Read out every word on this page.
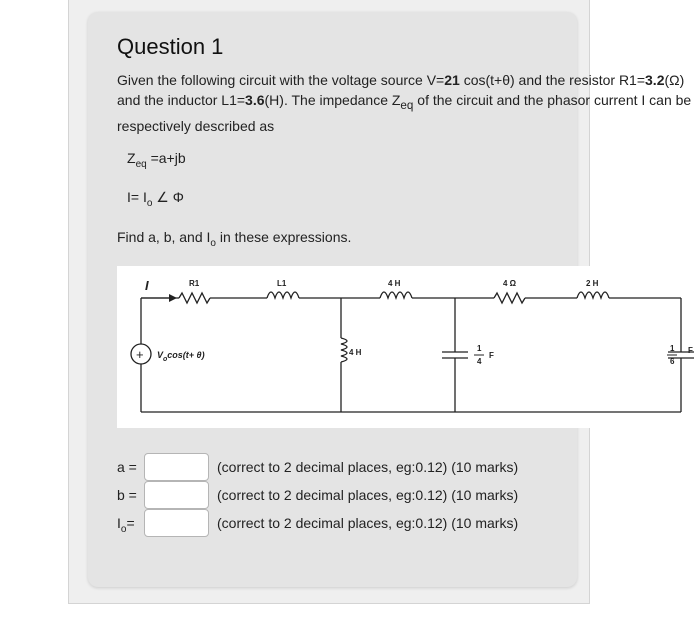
Question 1

Given the following circuit with the voltage source V=21 cos(t+θ) and the resistor R1=3.2(Ω) and the inductor L1=3.6(H). The impedance $Z_{eq}$ of the circuit and the phasor current I can be respectively described as

$Z_{eq} =a+jb$
$I= I_o$ ∠ Φ
Find a, b, and $I_o$ in these expressions.
I	R1	L1	4 H	4 Ω	2 H
+ $V_o\cos(t+ \theta)$	4 H	1
4
F
1
6
F
a =	(correct to 2 decimal places, eg:0.12) (10 marks)
b =	(correct to 2 decimal places, eg:0.12) (10 marks)
$I_o=$	(correct to 2 decimal places, eg:0.12) (10 marks)
